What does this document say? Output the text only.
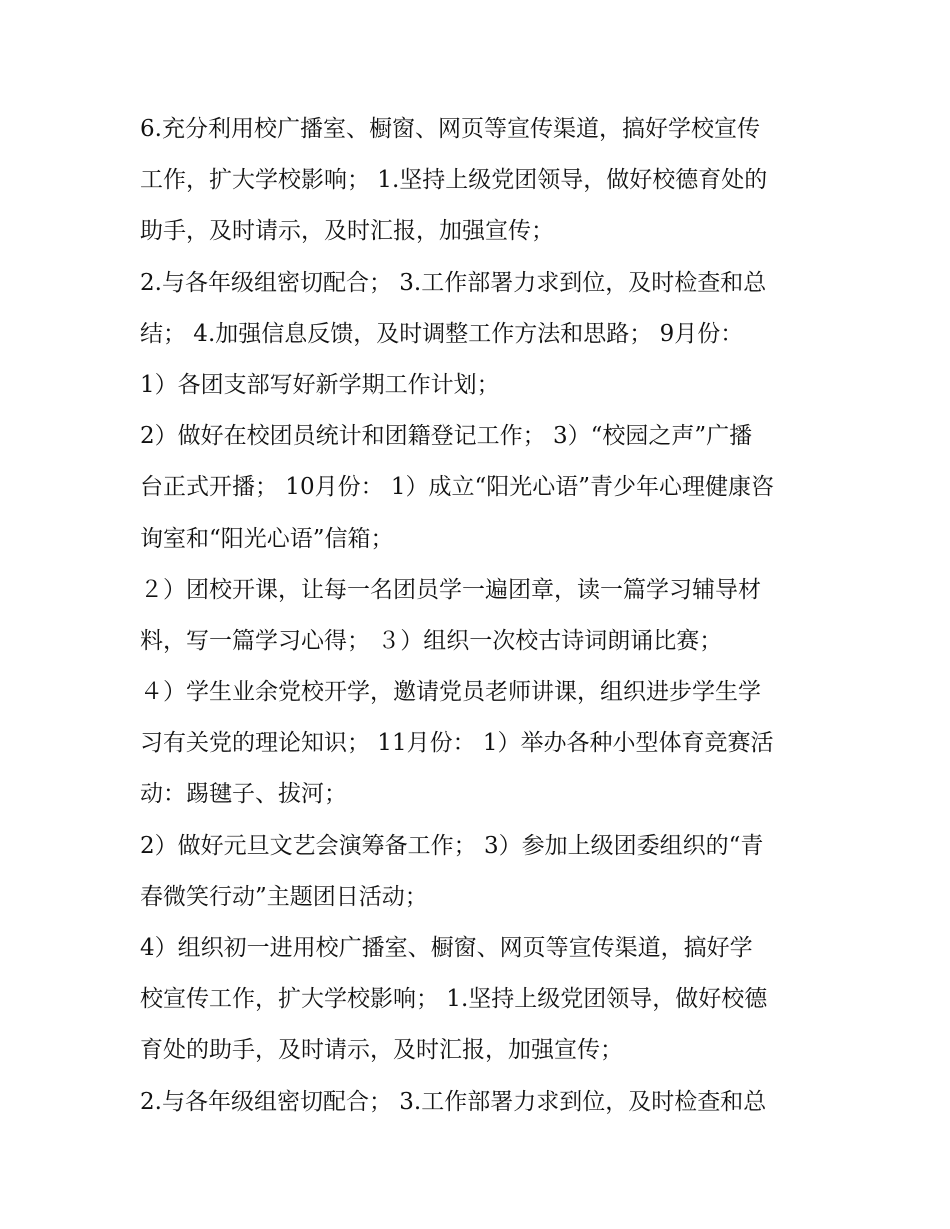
6.充分利用校广播室、橱窗、网页等宣传渠道，搞好学校宣传
工作，扩大学校影响； 1.坚持上级党团领导，做好校德育处的
助手，及时请示，及时汇报，加强宣传；
2.与各年级组密切配合； 3.工作部署力求到位，及时检查和总
结； 4.加强信息反馈，及时调整工作方法和思路； 9月份：
1）各团支部写好新学期工作计划；
2）做好在校团员统计和团籍登记工作； 3）“校园之声”广播
台正式开播； 10月份： 1）成立“阳光心语”青少年心理健康咨
询室和“阳光心语”信箱；
２）团校开课，让每一名团员学一遍团章，读一篇学习辅导材
料，写一篇学习心得； ３）组织一次校古诗词朗诵比赛；
４）学生业余党校开学，邀请党员老师讲课，组织进步学生学
习有关党的理论知识； 11月份： 1）举办各种小型体育竞赛活
动：踢毽子、拔河；
2）做好元旦文艺会演筹备工作； 3）参加上级团委组织的“青
春微笑行动”主题团日活动；
4）组织初一进用校广播室、橱窗、网页等宣传渠道，搞好学
校宣传工作，扩大学校影响； 1.坚持上级党团领导，做好校德
育处的助手，及时请示，及时汇报，加强宣传；
2.与各年级组密切配合； 3.工作部署力求到位，及时检查和总
